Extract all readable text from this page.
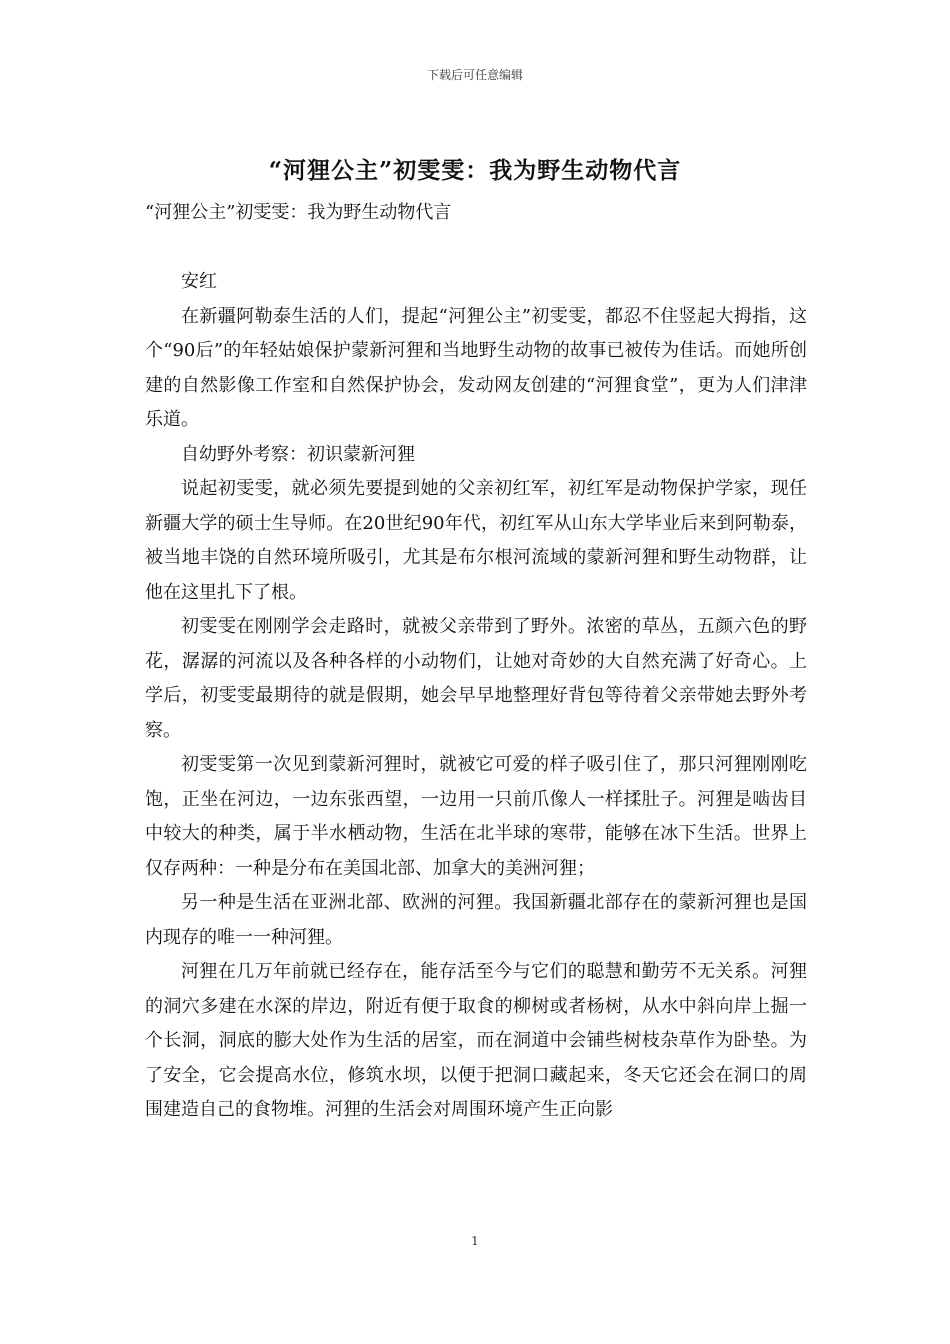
下载后可任意编辑
“河狸公主”初雯雯：我为野生动物代言

“河狸公主”初雯雯：我为野生动物代言

安红

在新疆阿勒泰生活的人们，提起“河狸公主”初雯雯，都忍不住竖起大拇指，这个“90后”的年轻姑娘保护蒙新河狸和当地野生动物的故事已被传为佳话。而她所创建的自然影像工作室和自然保护协会，发动网友创建的“河狸食堂”，更为人们津津乐道。

自幼野外考察：初识蒙新河狸

说起初雯雯，就必须先要提到她的父亲初红军，初红军是动物保护学家，现任新疆大学的硕士生导师。在20世纪90年代，初红军从山东大学毕业后来到阿勒泰，被当地丰饶的自然环境所吸引，尤其是布尔根河流域的蒙新河狸和野生动物群，让他在这里扎下了根。

初雯雯在刚刚学会走路时，就被父亲带到了野外。浓密的草丛，五颜六色的野花，潺潺的河流以及各种各样的小动物们，让她对奇妙的大自然充满了好奇心。上学后，初雯雯最期待的就是假期，她会早早地整理好背包等待着父亲带她去野外考察。

初雯雯第一次见到蒙新河狸时，就被它可爱的样子吸引住了，那只河狸刚刚吃饱，正坐在河边，一边东张西望，一边用一只前爪像人一样揉肚子。河狸是啮齿目中较大的种类，属于半水栖动物，生活在北半球的寒带，能够在冰下生活。世界上仅存两种：一种是分布在美国北部、加拿大的美洲河狸；

另一种是生活在亚洲北部、欧洲的河狸。我国新疆北部存在的蒙新河狸也是国内现存的唯一一种河狸。

河狸在几万年前就已经存在，能存活至今与它们的聪慧和勤劳不无关系。河狸的洞穴多建在水深的岸边，附近有便于取食的柳树或者杨树，从水中斜向岸上掘一个长洞，洞底的膨大处作为生活的居室，而在洞道中会铺些树枝杂草作为卧垫。为了安全，它会提高水位，修筑水坝，以便于把洞口藏起来，冬天它还会在洞口的周围建造自己的食物堆。河狸的生活会对周围环境产生正向影

1
